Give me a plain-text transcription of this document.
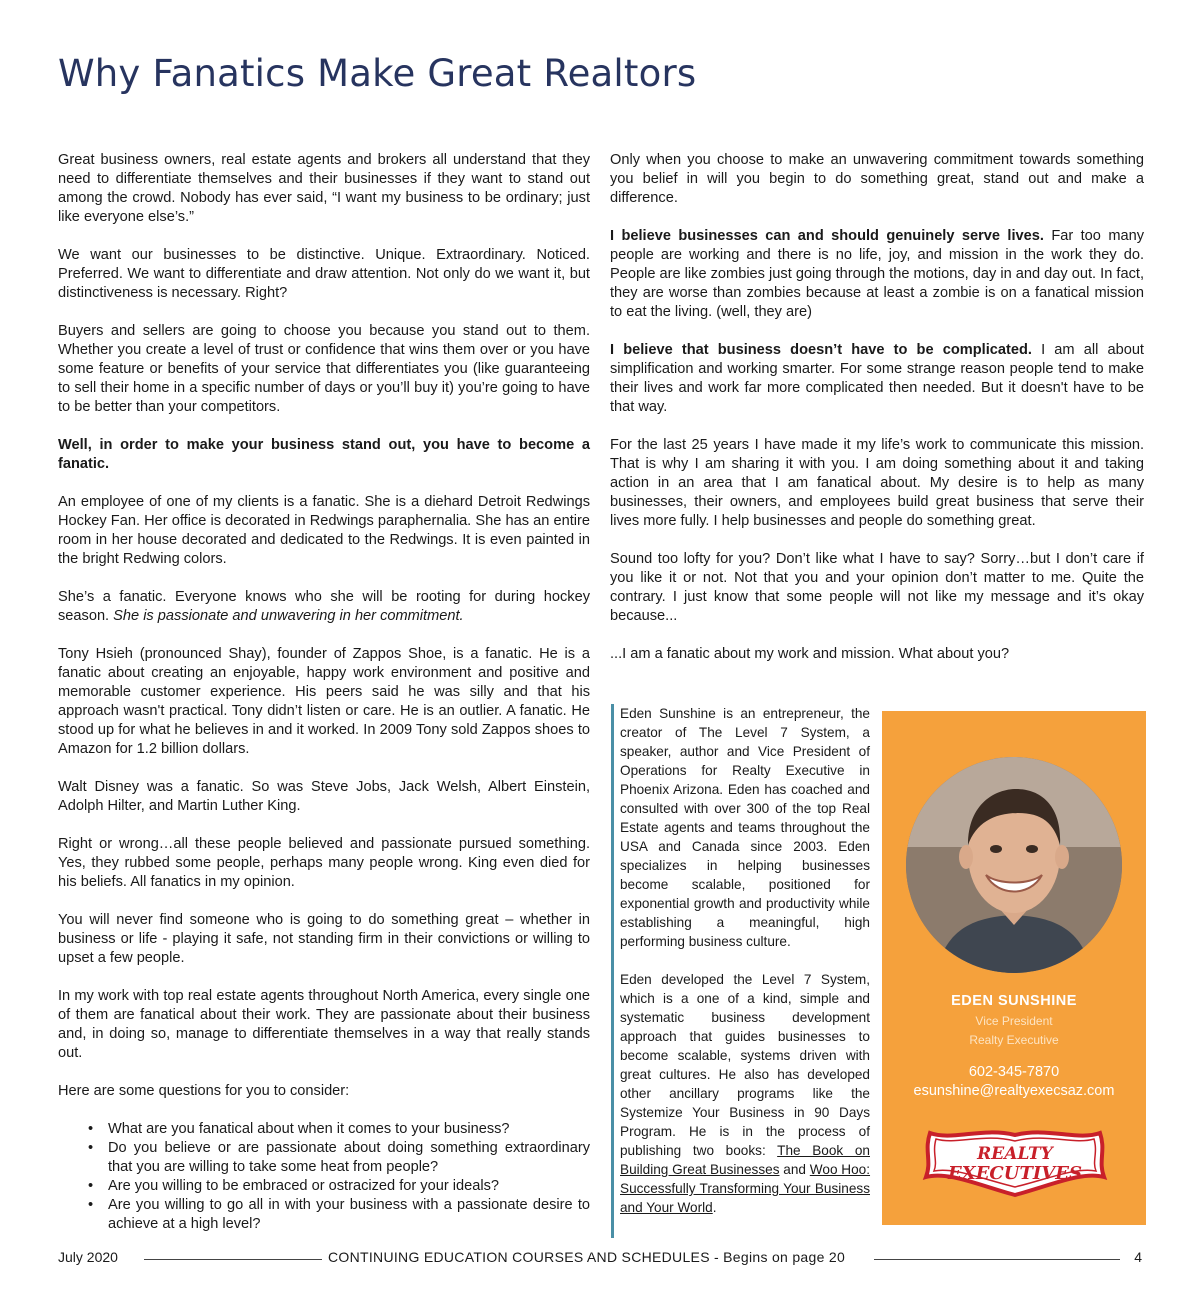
Why Fanatics Make Great Realtors

Great business owners, real estate agents and brokers all understand that they need to differentiate themselves and their businesses if they want to stand out among the crowd. Nobody has ever said, “I want my business to be ordinary; just like everyone else’s.”

We want our businesses to be distinctive. Unique. Extraordinary. Noticed. Preferred. We want to differentiate and draw attention. Not only do we want it, but distinctiveness is necessary. Right?

Buyers and sellers are going to choose you because you stand out to them. Whether you create a level of trust or confidence that wins them over or you have some feature or benefits of your service that differentiates you (like guaranteeing to sell their home in a specific number of days or you’ll buy it) you’re going to have to be better than your competitors.

Well, in order to make your business stand out, you have to become a fanatic.

An employee of one of my clients is a fanatic. She is a diehard Detroit Redwings Hockey Fan. Her office is decorated in Redwings paraphernalia. She has an entire room in her house decorated and dedicated to the Redwings. It is even painted in the bright Redwing colors.

She’s a fanatic. Everyone knows who she will be rooting for during hockey season. She is passionate and unwavering in her commitment.

Tony Hsieh (pronounced Shay), founder of Zappos Shoe, is a fanatic. He is a fanatic about creating an enjoyable, happy work environment and positive and memorable customer experience. His peers said he was silly and that his approach wasn't practical. Tony didn’t listen or care. He is an outlier. A fanatic. He stood up for what he believes in and it worked. In 2009 Tony sold Zappos shoes to Amazon for 1.2 billion dollars.

Walt Disney was a fanatic. So was Steve Jobs, Jack Welsh, Albert Einstein, Adolph Hilter, and Martin Luther King.

Right or wrong…all these people believed and passionate pursued something. Yes, they rubbed some people, perhaps many people wrong. King even died for his beliefs. All fanatics in my opinion.

You will never find someone who is going to do something great – whether in business or life - playing it safe, not standing firm in their convictions or willing to upset a few people.

In my work with top real estate agents throughout North America, every single one of them are fanatical about their work. They are passionate about their business and, in doing so, manage to differentiate themselves in a way that really stands out.

Here are some questions for you to consider:

• What are you fanatical about when it comes to your business?
• Do you believe or are passionate about doing something extraordinary that you are willing to take some heat from people?
• Are you willing to be embraced or ostracized for your ideals?
• Are you willing to go all in with your business with a passionate desire to achieve at a high level?

Only when you choose to make an unwavering commitment towards something you belief in will you begin to do something great, stand out and make a difference.

I believe businesses can and should genuinely serve lives. Far too many people are working and there is no life, joy, and mission in the work they do. People are like zombies just going through the motions, day in and day out. In fact, they are worse than zombies because at least a zombie is on a fanatical mission to eat the living. (well, they are)

I believe that business doesn’t have to be complicated. I am all about simplification and working smarter. For some strange reason people tend to make their lives and work far more complicated then needed. But it doesn't have to be that way.

For the last 25 years I have made it my life’s work to communicate this mission. That is why I am sharing it with you. I am doing something about it and taking action in an area that I am fanatical about. My desire is to help as many businesses, their owners, and employees build great business that serve their lives more fully. I help businesses and people do something great.

Sound too lofty for you? Don’t like what I have to say? Sorry…but I don’t care if you like it or not. Not that you and your opinion don’t matter to me. Quite the contrary. I just know that some people will not like my message and it’s okay because...

...I am a fanatic about my work and mission. What about you?

Eden Sunshine is an entrepreneur, the creator of The Level 7 System, a speaker, author and Vice President of Operations for Realty Executive in Phoenix Arizona. Eden has coached and consulted with over 300 of the top Real Estate agents and teams throughout the USA and Canada since 2003. Eden specializes in helping businesses become scalable, positioned for exponential growth and productivity while establishing a meaningful, high performing business culture.

Eden developed the Level 7 System, which is a one of a kind, simple and systematic business development approach that guides businesses to become scalable, systems driven with great cultures. He also has developed other ancillary programs like the Systemize Your Business in 90 Days Program. He is in the process of publishing two books: The Book on Building Great Businesses and Woo Hoo: Successfully Transforming Your Business and Your World.

EDEN SUNSHINE
Vice President
Realty Executive
602-345-7870
esunshine@realtyexecsaz.com
REALTY
EXECUTIVES
July 2020	CONTINUING EDUCATION COURSES AND SCHEDULES - Begins on page 20	4
